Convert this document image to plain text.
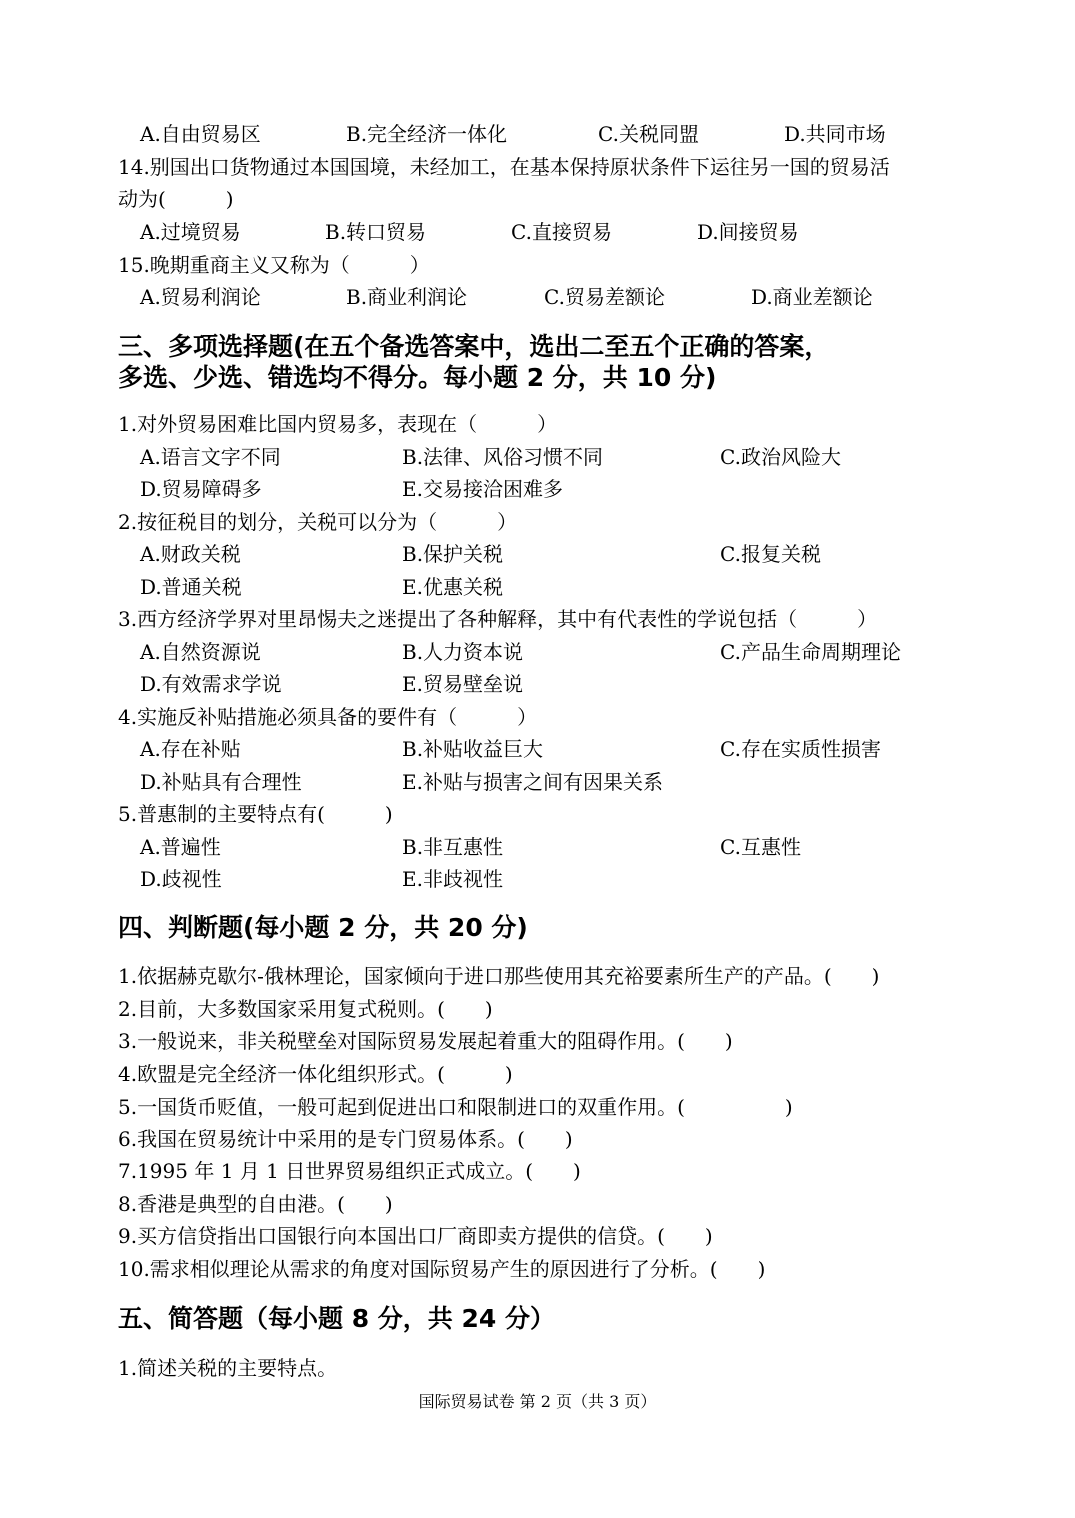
A.自由贸易区	B.完全经济一体化	C.关税同盟	D.共同市场
14.别国出口货物通过本国国境，未经加工，在基本保持原状条件下运往另一国的贸易活
动为(　　　)
A.过境贸易	B.转口贸易	C.直接贸易	D.间接贸易
15.晚期重商主义又称为（　　　）
A.贸易利润论	B.商业利润论	C.贸易差额论	D.商业差额论
三、多项选择题(在五个备选答案中，选出二至五个正确的答案，
多选、少选、错选均不得分。每小题 2 分，共 10 分)
1.对外贸易困难比国内贸易多，表现在（　　　）
A.语言文字不同	B.法律、风俗习惯不同	C.政治风险大
D.贸易障碍多	E.交易接洽困难多
2.按征税目的划分，关税可以分为（　　　）
A.财政关税	B.保护关税	C.报复关税
D.普通关税	E.优惠关税
3.西方经济学界对里昂惕夫之迷提出了各种解释，其中有代表性的学说包括（　　　）
A.自然资源说	B.人力资本说	C.产品生命周期理论
D.有效需求学说	E.贸易壁垒说
4.实施反补贴措施必须具备的要件有（　　　）
A.存在补贴	B.补贴收益巨大	C.存在实质性损害
D.补贴具有合理性	E.补贴与损害之间有因果关系
5.普惠制的主要特点有(　　　)
A.普遍性	B.非互惠性	C.互惠性
D.歧视性	E.非歧视性
四、判断题(每小题 2 分，共 20 分)
1.依据赫克歇尔-俄林理论，国家倾向于进口那些使用其充裕要素所生产的产品。(　　)
2.目前，大多数国家采用复式税则。(　　)
3.一般说来，非关税壁垒对国际贸易发展起着重大的阻碍作用。(　　)
4.欧盟是完全经济一体化组织形式。(　　　)
5.一国货币贬值，一般可起到促进出口和限制进口的双重作用。(　　　　　)
6.我国在贸易统计中采用的是专门贸易体系。(　　)
7.1995 年 1 月 1 日世界贸易组织正式成立。(　　)
8.香港是典型的自由港。(　　)
9.买方信贷指出口国银行向本国出口厂商即卖方提供的信贷。(　　)
10.需求相似理论从需求的角度对国际贸易产生的原因进行了分析。(　　)
五、简答题（每小题 8 分，共 24 分）
1.简述关税的主要特点。
国际贸易试卷 第 2 页（共 3 页）
